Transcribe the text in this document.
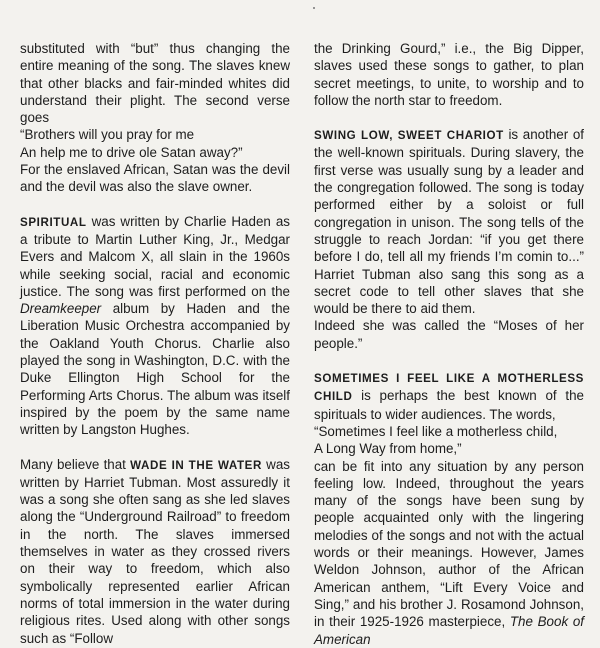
substituted with “but” thus changing the entire meaning of the song. The slaves knew that other blacks and fair-minded whites did understand their plight. The second verse goes

“Brothers will you pray for me
An help me to drive ole Satan away?”

For the enslaved African, Satan was the devil and the devil was also the slave owner.

SPIRITUAL was written by Charlie Haden as a tribute to Martin Luther King, Jr., Medgar Evers and Malcom X, all slain in the 1960s while seeking social, racial and economic justice. The song was first performed on the Dreamkeeper album by Haden and the Liberation Music Orchestra accompanied by the Oakland Youth Chorus. Charlie also played the song in Washington, D.C. with the Duke Ellington High School for the Performing Arts Chorus. The album was itself inspired by the poem by the same name written by Langston Hughes.

Many believe that WADE IN THE WATER was written by Harriet Tubman. Most assuredly it was a song she often sang as she led slaves along the “Underground Railroad” to freedom in the north. The slaves immersed themselves in water as they crossed rivers on their way to freedom, which also symbolically represented earlier African norms of total immersion in the water during religious rites. Used along with other songs such as “Follow

the Drinking Gourd,” i.e., the Big Dipper, slaves used these songs to gather, to plan secret meetings, to unite, to worship and to follow the north star to freedom.

SWING LOW, SWEET CHARIOT is another of the well-known spirituals. During slavery, the first verse was usually sung by a leader and the congregation followed. The song is today performed either by a soloist or full congregation in unison. The song tells of the struggle to reach Jordan: “if you get there before I do, tell all my friends I’m comin to...” Harriet Tubman also sang this song as a secret code to tell other slaves that she would be there to aid them.

Indeed she was called the “Moses of her people.”

SOMETIMES I FEEL LIKE A MOTHERLESS CHILD is perhaps the best known of the spirituals to wider audiences. The words,

“Sometimes I feel like a motherless child,
A Long Way from home,”

can be fit into any situation by any person feeling low. Indeed, throughout the years many of the songs have been sung by people acquainted only with the lingering melodies of the songs and not with the actual words or their meanings. However, James Weldon Johnson, author of the African American anthem, “Lift Every Voice and Sing,” and his brother J. Rosamond Johnson, in their 1925-1926 masterpiece, The Book of American
